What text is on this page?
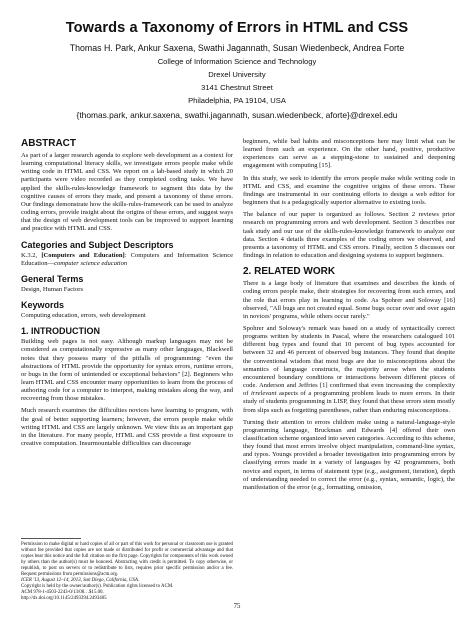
Towards a Taxonomy of Errors in HTML and CSS
Thomas H. Park, Ankur Saxena, Swathi Jagannath, Susan Wiedenbeck, Andrea Forte
College of Information Science and Technology
Drexel University
3141 Chestnut Street
Philadelphia, PA 19104, USA
{thomas.park, ankur.saxena, swathi.jagannath, susan.wiedenbeck, aforte}@drexel.edu
ABSTRACT

As part of a larger research agenda to explore web development as a context for learning computational literacy skills, we investigate errors people make while writing code in HTML and CSS. We report on a lab-based study in which 20 participants were video recorded as they completed coding tasks. We have applied the skills-rules-knowledge framework to segment this data by the cognitive causes of errors they made, and present a taxonomy of these errors. Our findings demonstrate how the skills-rules-framework can be used to analyze coding errors, provide insight about the origins of these errors, and suggest ways that the design of web development tools can be improved to support learning and practice with HTML and CSS.

Categories and Subject Descriptors

K.3.2, [Computers and Education]: Computers and Information Science Education—computer science education

General Terms

Design, Human Factors

Keywords

Computing education, errors, web development

1. INTRODUCTION

Building web pages is not easy. Although markup languages may not be considered as computationally expressive as many other languages, Blackwell notes that they possess many of the pitfalls of programming: "even the abstractions of HTML provide the opportunity for syntax errors, runtime errors, or bugs in the form of unintended or exceptional behaviors" [2]. Beginners who learn HTML and CSS encounter many opportunities to learn from the process of authoring code for a computer to interpret, making mistakes along the way, and recovering from those mistakes.

Much research examines the difficulties novices have learning to program, with the goal of better supporting learners; however, the errors people make while writing HTML and CSS are largely unknown. We view this as an important gap in the literature. For many people, HTML and CSS provide a first exposure to creative computation. Insurmountable difficulties can discourage

Permission to make digital or hard copies of all or part of this work for personal or classroom use is granted without fee provided that copies are not made or distributed for profit or commercial advantage and that copies bear this notice and the full citation on the first page. Copyrights for components of this work owned by others than the author(s) must be honored. Abstracting with credit is permitted. To copy otherwise, or republish, to post on servers or to redistribute to lists, requires prior specific permission and/or a fee. Request permissions from permissions@acm.org.
ICER '13, August 12–14, 2013, San Diego, California, USA.
Copyright is held by the owner/author(s). Publication rights licensed to ACM.
ACM 978-1-4503-2243-0/13/08…$15.00.
http://dx.doi.org/10.1145/2493394.2493405

beginners, while bad habits and misconceptions here may limit what can be learned from such an experience. On the other hand, positive, productive experiences can serve as a stepping-stone to sustained and deepening engagement with computing [15].

In this study, we seek to identify the errors people make while writing code in HTML and CSS, and examine the cognitive origins of these errors. These findings are instrumental in our continuing efforts to design a web editor for beginners that is a pedagogically superior alternative to existing tools.

The balance of our paper is organized as follows. Section 2 reviews prior research on programming errors and web development. Section 3 describes our task study and our use of the skills-rules-knowledge framework to analyze our data. Section 4 details three examples of the coding errors we observed, and presents a taxonomy of HTML and CSS errors. Finally, section 5 discusses our findings in relation to education and designing systems to support beginners.

2. RELATED WORK

There is a large body of literature that examines and describes the kinds of coding errors people make, their strategies for recovering from such errors, and the role that errors play in learning to code. As Spohrer and Soloway [16] observed, "All bugs are not created equal. Some bugs occur over and over again in novices' programs, while others occur rarely."

Spohrer and Soloway's remark was based on a study of syntactically correct programs written by students in Pascal, where the researchers catalogued 101 different bug types and found that 10 percent of bug types accounted for between 32 and 46 percent of observed bug instances. They found that despite the conventional wisdom that most bugs are due to misconceptions about the semantics of language constructs, the majority arose when the students encountered boundary conditions or interactions between different pieces of code. Anderson and Jeffries [1] confirmed that even increasing the complexity of irrelevant aspects of a programming problem leads to more errors. In their study of students programming in LISP, they found that these errors stem mostly from slips such as forgetting parentheses, rather than enduring misconceptions.

Turning their attention to errors children make using a natural-language-style programming language, Bruckman and Edwards [4] offered their own classification scheme organized into seven categories. According to this scheme, they found that most errors involve object manipulation, command-line syntax, and typos. Youngs provided a broader investigation into programming errors by classifying errors made in a variety of languages by 42 programmers, both novice and expert, in terms of statement type (e.g., assignment, iteration), depth of understanding needed to correct the error (e.g., syntax, semantic, logic), the manifestation of the error (e.g., formatting, omission,

75
